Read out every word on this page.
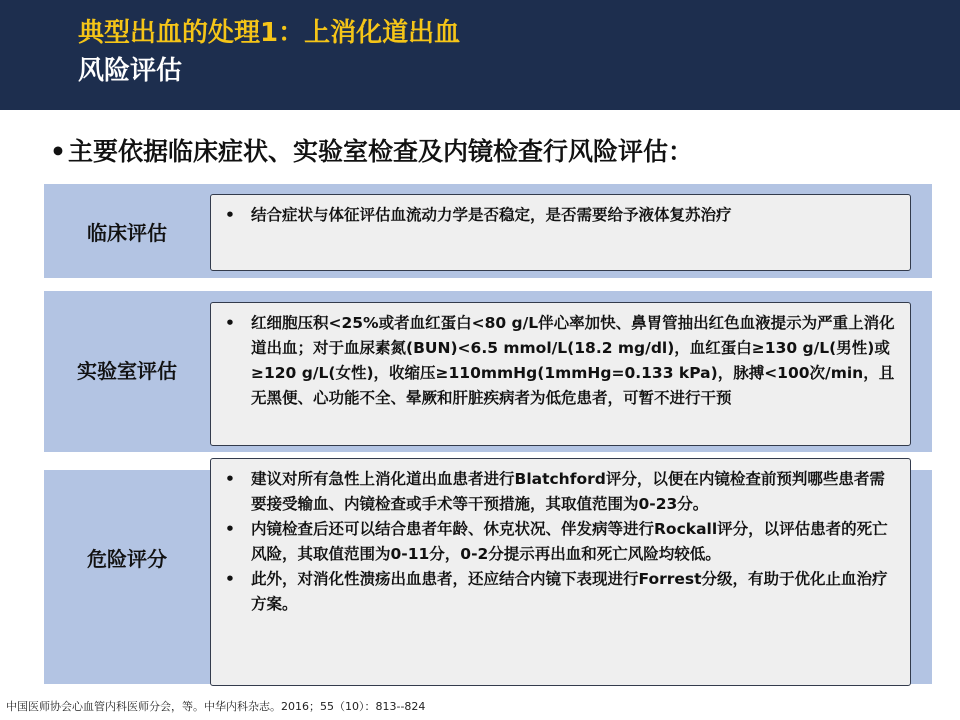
典型出血的处理1：上消化道出血
风险评估
•主要依据临床症状、实验室检查及内镜检查行风险评估：
临床评估
•	结合症状与体征评估血流动力学是否稳定，是否需要给予液体复苏治疗
实验室评估
•	红细胞压积<25%或者血红蛋白<80 g/L伴心率加快、鼻胃管抽出红色血液提示为严重上消化道出血；对于血尿素氮(BUN)<6.5 mmol/L(18.2 mg/dl)，血红蛋白≥130 g/L(男性)或≥120 g/L(女性)，收缩压≥110mmHg(1mmHg=0.133 kPa)，脉搏<100次/min，且无黑便、心功能不全、晕厥和肝脏疾病者为低危患者，可暂不进行干预
危险评分
•	建议对所有急性上消化道出血患者进行Blatchford评分，以便在内镜检查前预判哪些患者需要接受输血、内镜检查或手术等干预措施，其取值范围为0-23分。
•	内镜检查后还可以结合患者年龄、休克状况、伴发病等进行Rockall评分，以评估患者的死亡风险，其取值范围为0-11分，0-2分提示再出血和死亡风险均较低。
•	此外，对消化性溃疡出血患者，还应结合内镜下表现进行Forrest分级，有助于优化止血治疗方案。
中国医师协会心血管内科医师分会，等。中华内科杂志。2016；55（10）：813--824
